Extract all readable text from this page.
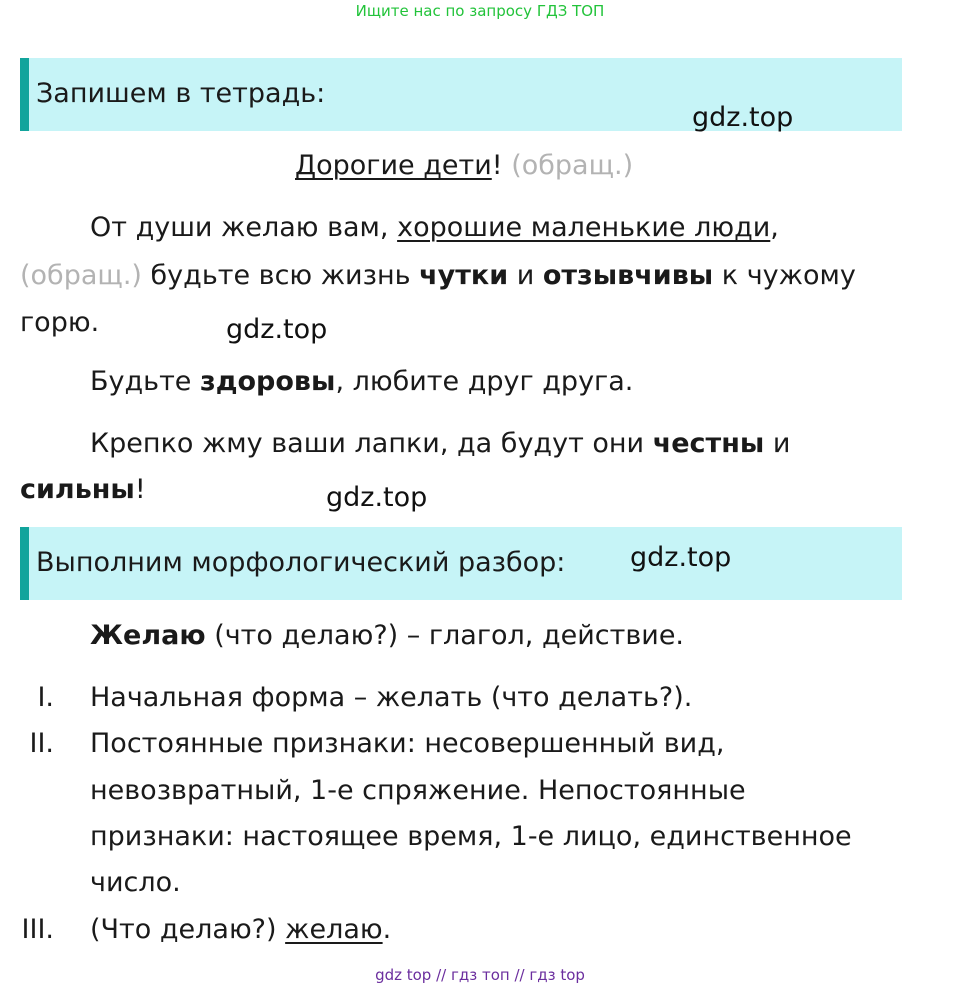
Ищите нас по запросу ГДЗ ТОП
Запишем в тетрадь:
gdz.top
Дорогие дети! (обращ.)
От души желаю вам, хорошие маленькие люди,
(обращ.) будьте всю жизнь чутки и отзывчивы к чужому
горю.	gdz.top
Будьте здоровы, любите друг друга.
Крепко жму ваши лапки, да будут они честны и
сильны!	gdz.top
Выполним морфологический разбор: gdz.top
Желаю (что делаю?) – глагол, действие.
I. Начальная форма – желать (что делать?).
II. Постоянные признаки: несовершенный вид,
невозвратный, 1-е спряжение. Непостоянные
признаки: настоящее время, 1-е лицо, единственное
число.
III. (Что делаю?) желаю.
gdz top // гдз топ // гдз top
